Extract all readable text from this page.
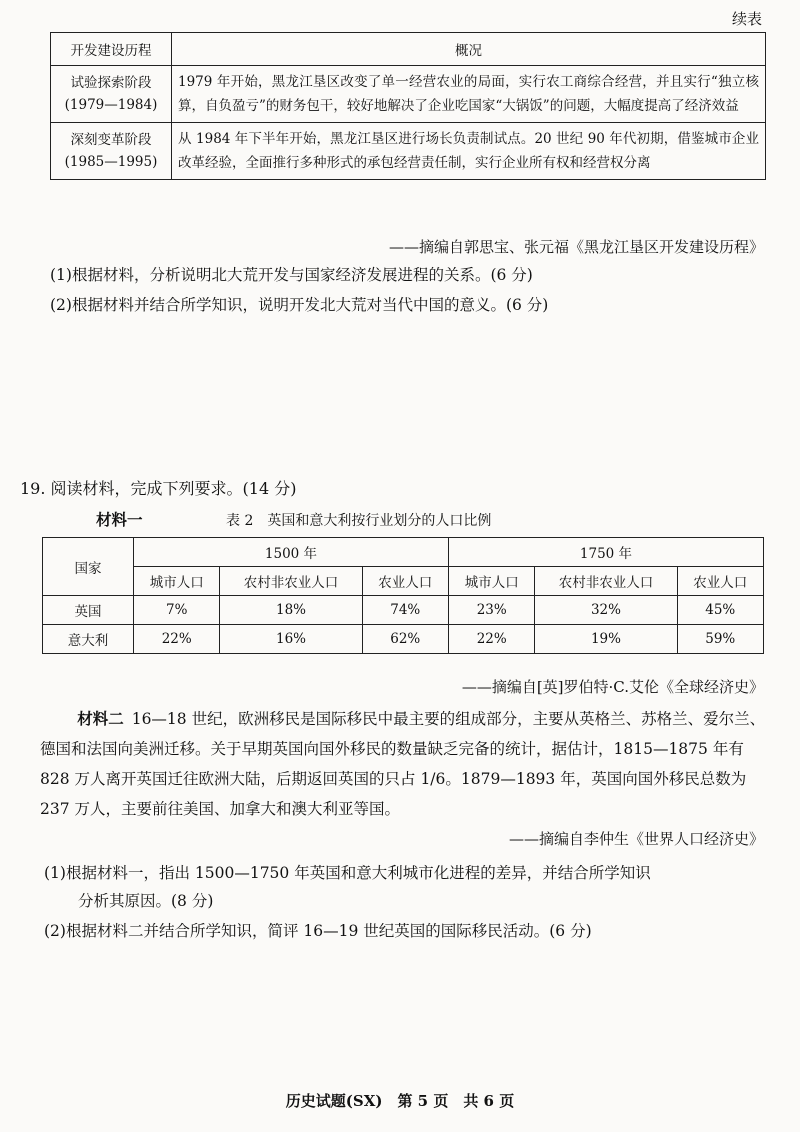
续表
开发建设历程	概况

试验探索阶段
(1979—1984)	1979 年开始，黑龙江垦区改变了单一经营农业的局面，实行农工商综合经营，并且实行“独立核算，自负盈亏”的财务包干，较好地解决了企业吃国家“大锅饭”的问题，大幅度提高了经济效益

深刻变革阶段
(1985—1995)	从 1984 年下半年开始，黑龙江垦区进行场长负责制试点。20 世纪 90 年代初期，借鉴城市企业改革经验，全面推行多种形式的承包经营责任制，实行企业所有权和经营权分离
——摘编自郭思宝、张元福《黑龙江垦区开发建设历程》
(1)根据材料，分析说明北大荒开发与国家经济发展进程的关系。(6 分)
(2)根据材料并结合所学知识，说明开发北大荒对当代中国的意义。(6 分)
19. 阅读材料，完成下列要求。(14 分)
材料一	表 2　英国和意大利按行业划分的人口比例
国家	1500 年			1750 年		
	城市人口	农村非农业人口	农业人口	城市人口	农村非农业人口	农业人口
英国	7%	18%	74%	23%	32%	45%
意大利	22%	16%	62%	22%	19%	59%
——摘编自[英]罗伯特·C.艾伦《全球经济史》
材料二 16—18 世纪，欧洲移民是国际移民中最主要的组成部分，主要从英格兰、苏格兰、爱尔兰、德国和法国向美洲迁移。关于早期英国向国外移民的数量缺乏完备的统计，据估计，1815—1875 年有 828 万人离开英国迁往欧洲大陆，后期返回英国的只占 1/6。1879—1893 年，英国向国外移民总数为 237 万人，主要前往美国、加拿大和澳大利亚等国。
——摘编自李仲生《世界人口经济史》
(1)根据材料一，指出 1500—1750 年英国和意大利城市化进程的差异，并结合所学知识
分析其原因。(8 分)
(2)根据材料二并结合所学知识，简评 16—19 世纪英国的国际移民活动。(6 分)
历史试题(SX)　第 5 页　共 6 页
